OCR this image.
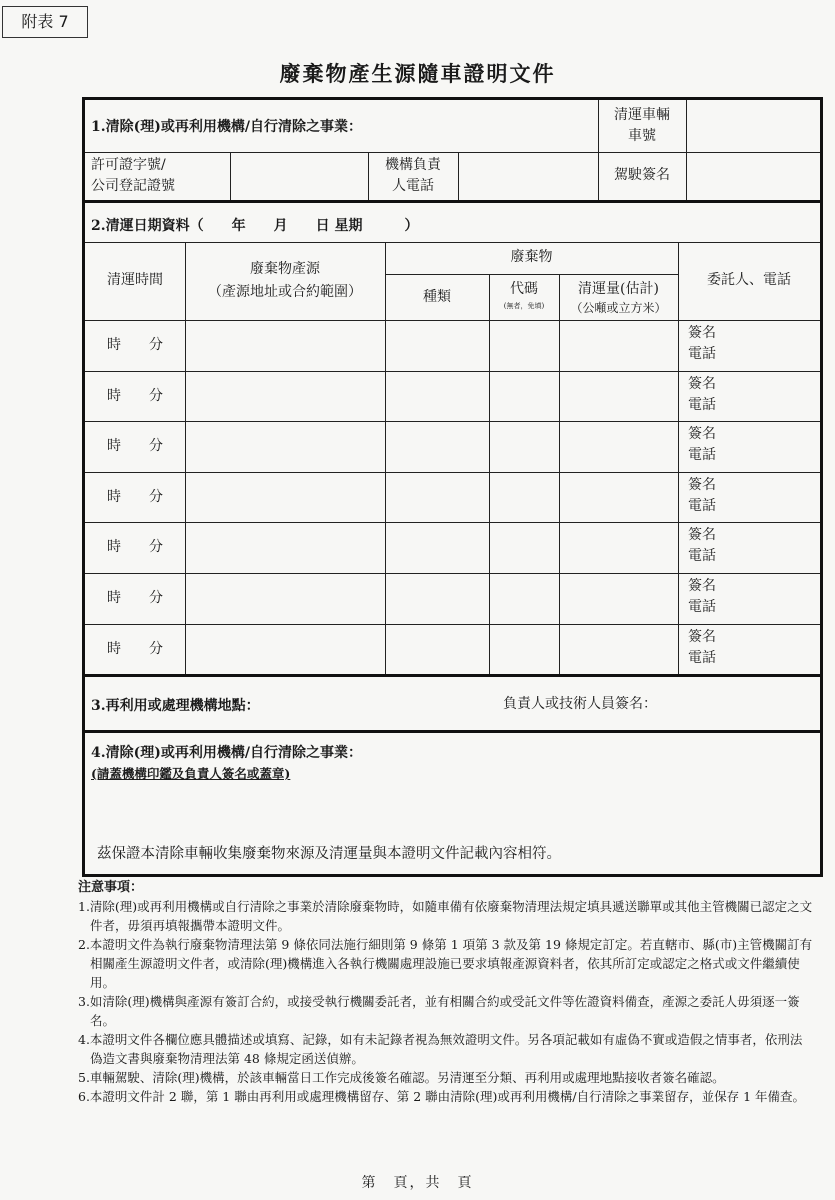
附表 7
廢棄物產生源隨車證明文件
1.清除(理)或再利用機構/自行清除之事業：
清運車輛
車號
許可證字號/
公司登記證號
機構負責
人電話
駕駛簽名
2.清運日期資料（　　年　　月　　日 星期　　　）
清運時間
廢棄物產源
（產源地址或合約範圍）
廢棄物
種類	代碼
(無者，免填)
清運量(估計)
（公噸或立方米）
委託人、電話
時　　分
簽名
電話
時　　分
簽名
電話
時　　分
簽名
電話
時　　分
簽名
電話
時　　分
簽名
電話
時　　分
簽名
電話
時　　分
簽名
電話
3.再利用或處理機構地點：	負責人或技術人員簽名：
4.清除(理)或再利用機構/自行清除之事業：
(請蓋機構印鑑及負責人簽名或蓋章)
茲保證本清除車輛收集廢棄物來源及清運量與本證明文件記載內容相符。
注意事項：

1.清除(理)或再利用機構或自行清除之事業於清除廢棄物時，如隨車備有依廢棄物清理法規定填具遞送聯單或其他主管機關已認定之文件者，毋須再填報攜帶本證明文件。

2.本證明文件為執行廢棄物清理法第 9 條依同法施行細則第 9 條第 1 項第 3 款及第 19 條規定訂定。若直轄市、縣(市)主管機關訂有相關產生源證明文件者，或清除(理)機構進入各執行機關處理設施已要求填報產源資料者，依其所訂定或認定之格式或文件繼續使用。

3.如清除(理)機構與產源有簽訂合約，或接受執行機關委託者，並有相關合約或受託文件等佐證資料備查，產源之委託人毋須逐一簽名。

4.本證明文件各欄位應具體描述或填寫、記錄，如有未記錄者視為無效證明文件。另各項記載如有虛偽不實或造假之情事者，依刑法偽造文書與廢棄物清理法第 48 條規定函送偵辦。

5.車輛駕駛、清除(理)機構，於該車輛當日工作完成後簽名確認。另清運至分類、再利用或處理地點接收者簽名確認。

6.本證明文件計 2 聯，第 1 聯由再利用或處理機構留存、第 2 聯由清除(理)或再利用機構/自行清除之事業留存，並保存 1 年備查。

第　頁，共　頁
